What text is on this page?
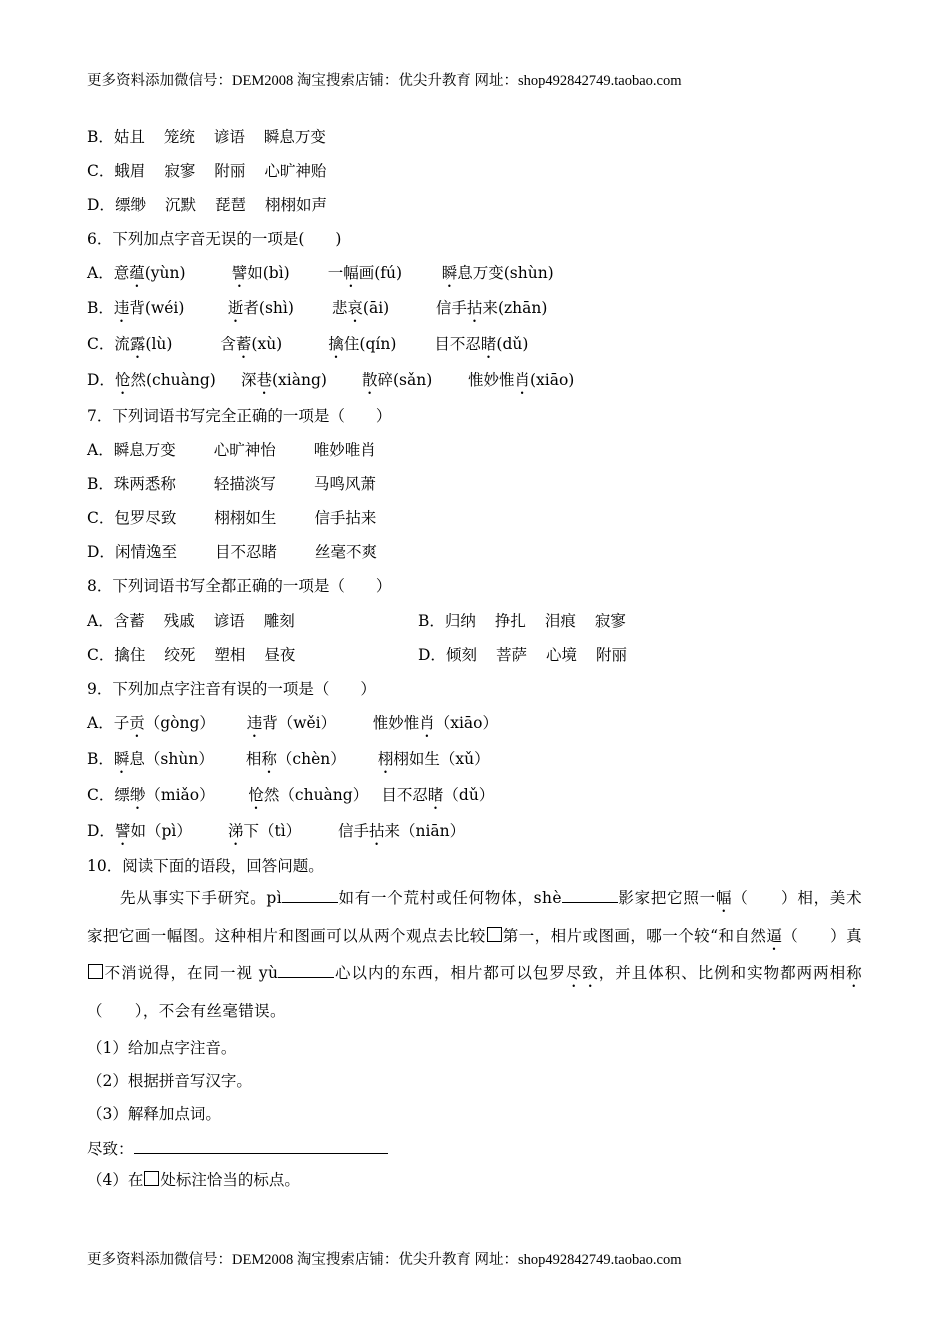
更多资料添加微信号：DEM2008 淘宝搜索店铺：优尖升教育 网址：shop492842749.taobao.com
B．姑且 笼统 谚语 瞬息万变
C．蛾眉 寂寥 附丽 心旷神贻
D．缥缈 沉默 琵琶 栩栩如声
6．下列加点字音无误的一项是(　　)
A．意蕴(yùn)	譬如(bì) 一幅画(fú)	瞬息万变(shùn)
B．违背(wéi)	逝者(shì) 悲哀(āi)	信手拈来(zhān)
C．流露(lù)	含蓄(xù)	擒住(qín) 目不忍睹(dǔ)
D．怆然(chuàng) 深巷(xiàng) 散碎(sǎn) 惟妙惟肖(xiāo)
7．下列词语书写完全正确的一项是（　　）
A．瞬息万变 心旷神怡 唯妙唯肖
B．珠两悉称 轻描淡写 马鸣风萧
C．包罗尽致 栩栩如生 信手拈来
D．闲情逸至 目不忍睹 丝毫不爽
8．下列词语书写全都正确的一项是（　　）
A．含蓄 残戚 谚语 雕刻	B．归纳 挣扎 泪痕 寂寥
C．擒住 绞死 塑相 昼夜	D．倾刻 菩萨 心境 附丽
9．下列加点字注音有误的一项是（　　）
A．子贡（gòng） 违背（wěi） 惟妙惟肖（xiāo）
B．瞬息（shùn） 相称（chèn） 栩栩如生（xǔ）
C．缥缈（miǎo） 怆然（chuàng） 目不忍睹（dǔ）
D．譬如（pì） 涕下（tì） 信手拈来（niān）
10．阅读下面的语段，回答问题。
先从事实下手研究。pì	如有一个荒村或任何物体，shè	影家把它照一幅（　　）相，美术家把它画一幅图。这种相片和图画可以从两个观点去比较 第一，相片或图画，哪一个较“和自然逼（　　）真不消说得，在同一视 yù	心以内的东西，相片都可以包罗尽致，并且体积、比例和实物都两两相称（　　），不会有丝毫错误。
（1）给加点字注音。
（2）根据拼音写汉字。
（3）解释加点词。
尽致：
（4）在 处标注恰当的标点。
更多资料添加微信号：DEM2008 淘宝搜索店铺：优尖升教育 网址：shop492842749.taobao.com
